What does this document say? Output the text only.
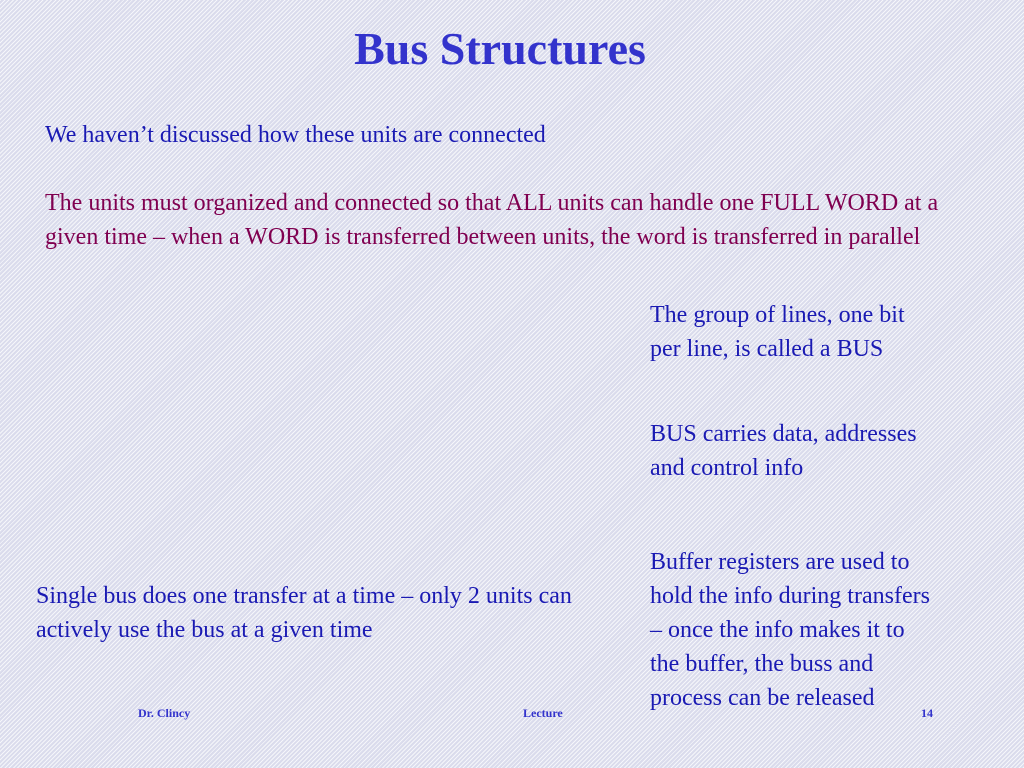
Bus Structures
We haven’t discussed how these units are connected
The units must organized and connected so that ALL units can handle one FULL WORD at a given time – when a WORD is transferred between units, the word is transferred in parallel
The group of lines, one bit per line, is called a BUS
BUS carries data, addresses and control info
Buffer registers are used to hold the info during transfers – once the info makes it to the buffer, the buss and process can be released
Single bus does one transfer at a time – only 2 units can actively use the bus at a given time
Dr. Clincy	Lecture	14
